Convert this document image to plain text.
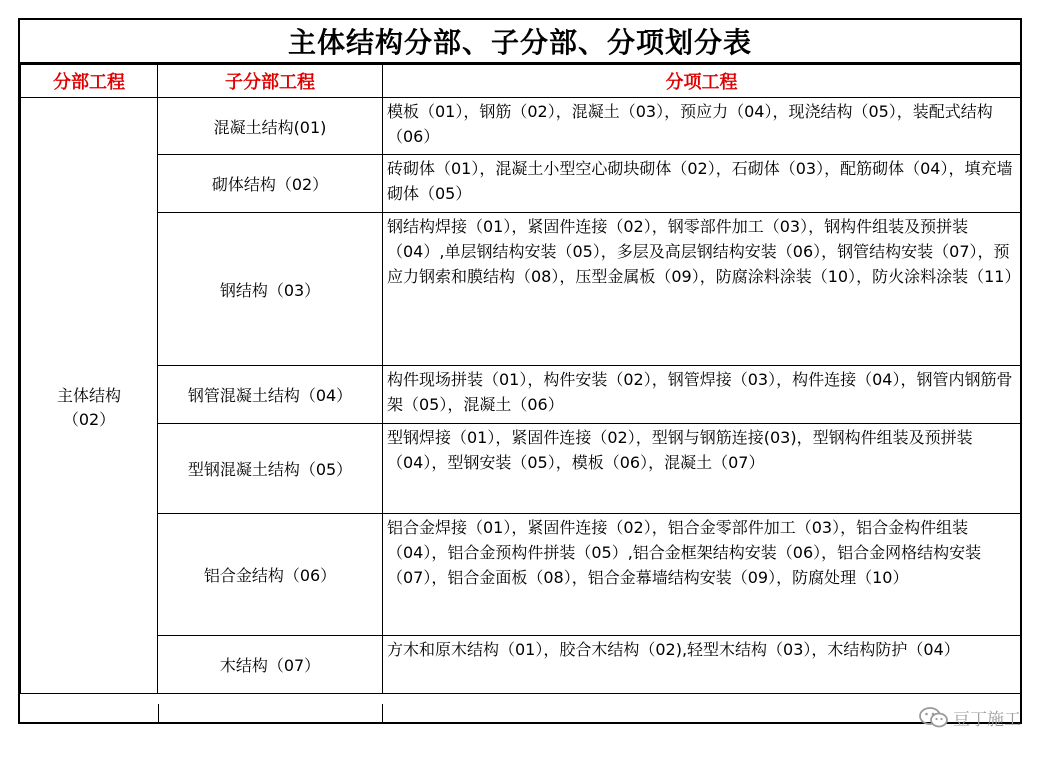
主体结构分部、子分部、分项划分表
分部工程	子分部工程	分项工程

主体结构
（02）	混凝土结构(01)	模板（01），钢筋（02），混凝土（03），预应力（04），现浇结构（05），装配式结构（06）
	砌体结构（02）	砖砌体（01），混凝土小型空心砌块砌体（02），石砌体（03），配筋砌体（04），填充墙砌体（05）
	钢结构（03）	钢结构焊接（01），紧固件连接（02），钢零部件加工（03），钢构件组装及预拼装（04）,单层钢结构安装（05），多层及高层钢结构安装（06），钢管结构安装（07），预应力钢索和膜结构（08），压型金属板（09），防腐涂料涂装（10），防火涂料涂装（11）
	钢管混凝土结构（04）	构件现场拼装（01），构件安装（02），钢管焊接（03），构件连接（04），钢管内钢筋骨架（05），混凝土（06）
	型钢混凝土结构（05）	型钢焊接（01），紧固件连接（02），型钢与钢筋连接(03)，型钢构件组装及预拼装（04），型钢安装（05），模板（06），混凝土（07）
	铝合金结构（06）	铝合金焊接（01），紧固件连接（02），铝合金零部件加工（03），铝合金构件组装（04），铝合金预构件拼装（05）,铝合金框架结构安装（06），铝合金网格结构安装（07），铝合金面板（08），铝合金幕墙结构安装（09），防腐处理（10）
	木结构（07）	方木和原木结构（01），胶合木结构（02),轻型木结构（03），木结构防护（04）
豆丁施工
